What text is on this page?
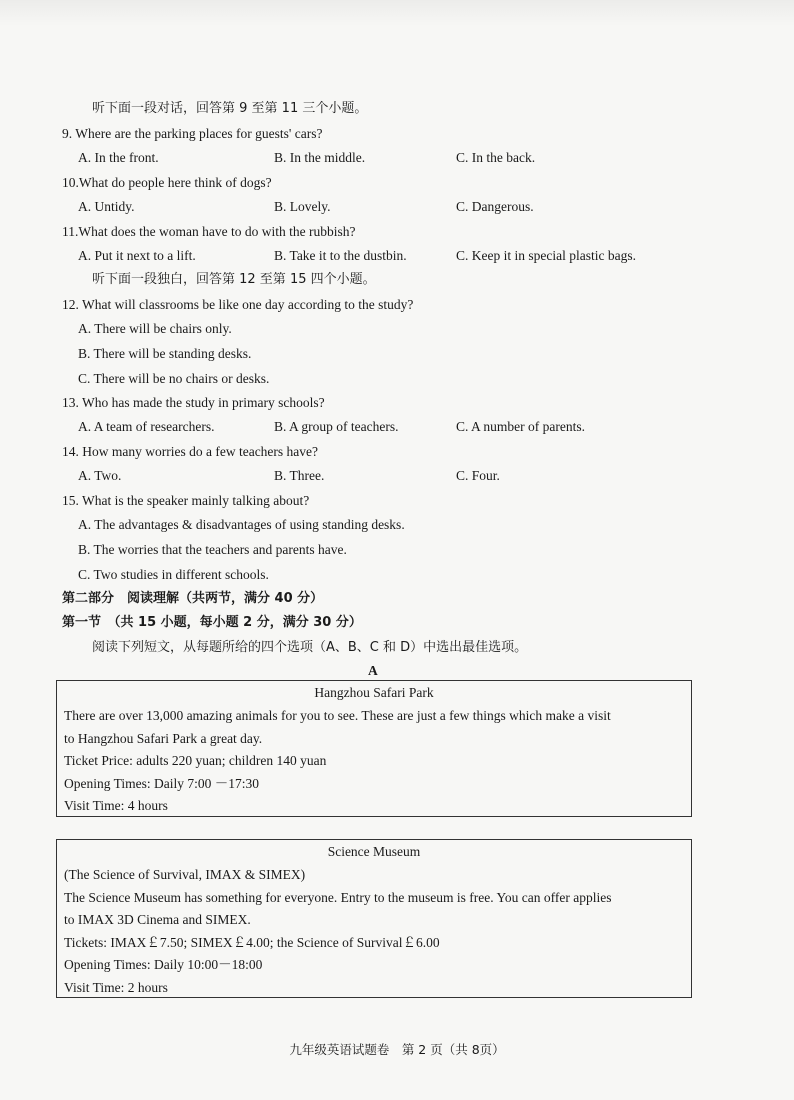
听下面一段对话，回答第 9 至第 11 三个小题。
9. Where are the parking places for guests' cars?
A. In the front.	B. In the middle.	C. In the back.
10.What do people here think of dogs?
A. Untidy.	B. Lovely.	C. Dangerous.
11.What does the woman have to do with the rubbish?
A. Put it next to a lift.	B. Take it to the dustbin.	C. Keep it in special plastic bags.
听下面一段独白，回答第 12 至第 15 四个小题。
12. What will classrooms be like one day according to the study?
A. There will be chairs only.
B. There will be standing desks.
C. There will be no chairs or desks.
13. Who has made the study in primary schools?
A. A team of researchers.	B. A group of teachers.	C. A number of parents.
14. How many worries do a few teachers have?
A. Two.	B. Three.	C. Four.
15. What is the speaker mainly talking about?
A. The advantages & disadvantages of using standing desks.
B. The worries that the teachers and parents have.
C. Two studies in different schools.
第二部分　阅读理解（共两节，满分 40 分）
第一节　（共 15 小题，每小题 2 分，满分 30 分）
阅读下列短文，从每题所给的四个选项（A、B、C 和 D）中选出最佳选项。
A
Hangzhou Safari Park
There are over 13,000 amazing animals for you to see. These are just a few things which make a visit
to Hangzhou Safari Park a great day.
Ticket Price: adults 220 yuan; children 140 yuan
Opening Times: Daily 7:00 －17:30
Visit Time: 4 hours
Science Museum
(The Science of Survival, IMAX & SIMEX)
The Science Museum has something for everyone. Entry to the museum is free. You can offer applies
to IMAX 3D Cinema and SIMEX.
Tickets: IMAX￡7.50; SIMEX￡4.00; the Science of Survival￡6.00
Opening Times: Daily 10:00－18:00
Visit Time: 2 hours
九年级英语试题卷　第 2 页（共 8页）
